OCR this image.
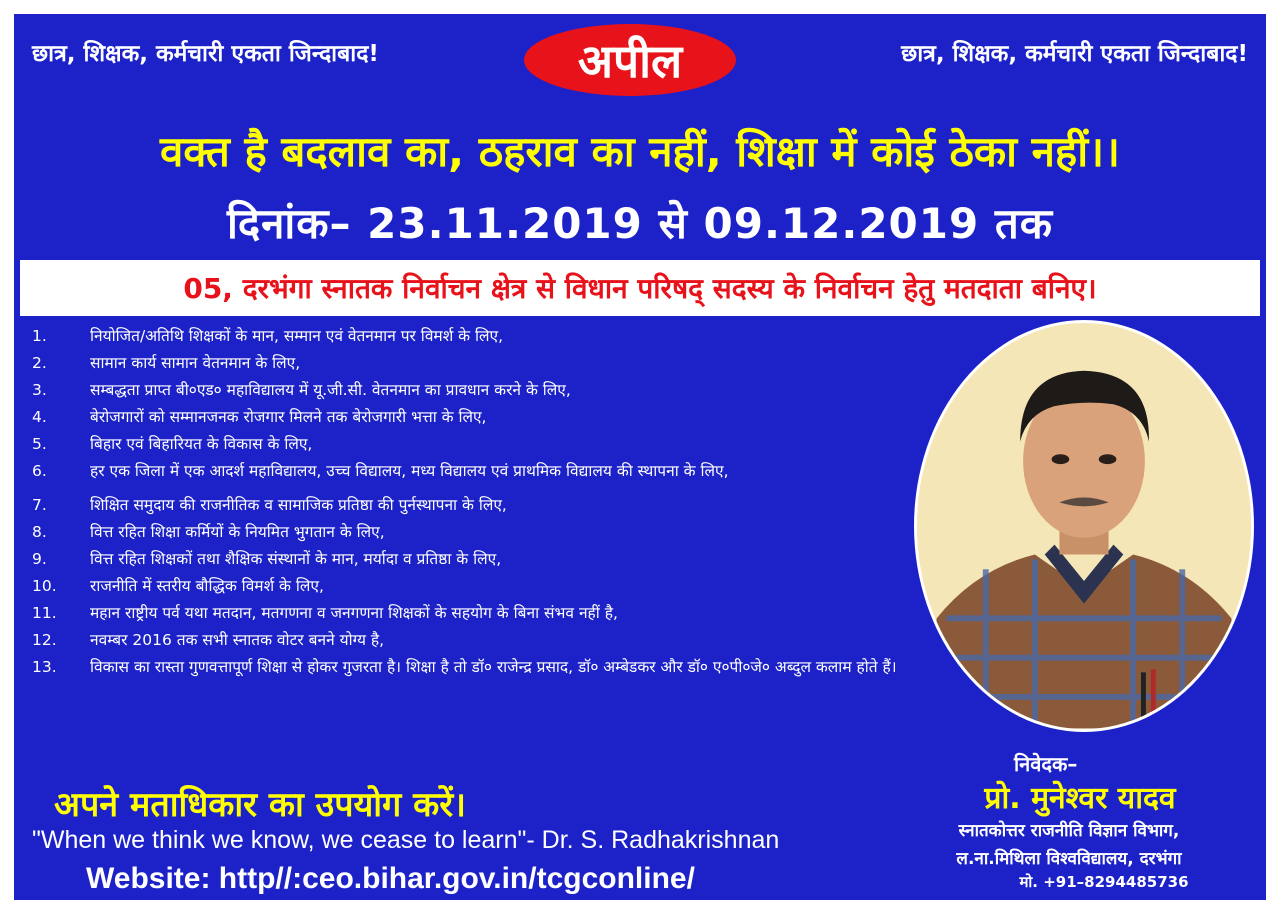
छात्र, शिक्षक, कर्मचारी एकता जिन्दाबाद!	अपील	छात्र, शिक्षक, कर्मचारी एकता जिन्दाबाद!
वक्त है बदलाव का, ठहराव का नहीं, शिक्षा में कोई ठेका नहीं।।
दिनांक– 23.11.2019 से 09.12.2019 तक
05, दरभंगा स्नातक निर्वाचन क्षेत्र से विधान परिषद् सदस्य के निर्वाचन हेतु मतदाता बनिए।
1.	नियोजित/अतिथि शिक्षकों के मान, सम्मान एवं वेतनमान पर विमर्श के लिए,
2.	सामान कार्य सामान वेतनमान के लिए,
3.	सम्बद्धता प्राप्त बी०एड० महाविद्यालय में यू.जी.सी. वेतनमान का प्रावधान करने के लिए,
4.	बेरोजगारों को सम्मानजनक रोजगार मिलने तक बेरोजगारी भत्ता के लिए,
5.	बिहार एवं बिहारियत के विकास के लिए,
6.	हर एक जिला में एक आदर्श महाविद्यालय, उच्च विद्यालय, मध्य विद्यालय एवं प्राथमिक विद्यालय की स्थापना के लिए,
7.	शिक्षित समुदाय की राजनीतिक व सामाजिक प्रतिष्ठा की पुर्नस्थापना के लिए,
8.	वित्त रहित शिक्षा कर्मियों के नियमित भुगतान के लिए,
9.	वित्त रहित शिक्षकों तथा शैक्षिक संस्थानों के मान, मर्यादा व प्रतिष्ठा के लिए,
10.	राजनीति में स्तरीय बौद्धिक विमर्श के लिए,
11.	महान राष्ट्रीय पर्व यथा मतदान, मतगणना व जनगणना शिक्षकों के सहयोग के बिना संभव नहीं है,
12.	नवम्बर 2016 तक सभी स्नातक वोटर बनने योग्य है,
13.	विकास का रास्ता गुणवत्तापूर्ण शिक्षा से होकर गुजरता है। शिक्षा है तो डॉ० राजेन्द्र प्रसाद, डॉ० अम्बेडकर और डॉ० ए०पी०जे० अब्दुल कलाम होते हैं।
निवेदक–
प्रो. मुनेश्वर यादव
स्नातकोत्तर राजनीति विज्ञान विभाग,
ल.ना.मिथिला विश्वविद्यालय, दरभंगा
मो. +91–8294485736
अपने मताधिकार का उपयोग करें।
"When we think we know, we cease to learn"- Dr. S. Radhakrishnan
Website: http//:ceo.bihar.gov.in/tcgconline/
